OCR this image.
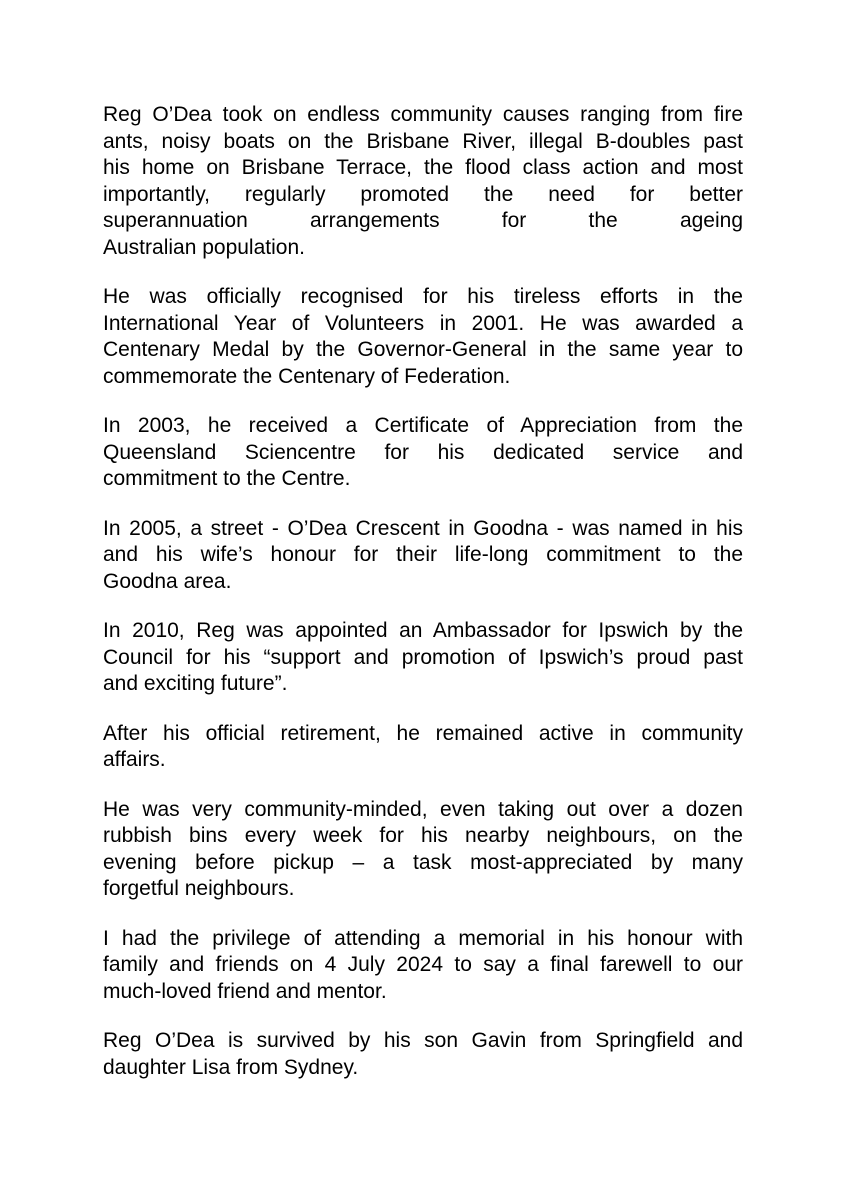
Reg O’Dea took on endless community causes ranging from fire
ants, noisy boats on the Brisbane River, illegal B-doubles past
his home on Brisbane Terrace, the flood class action and most
importantly, regularly promoted the need for better
superannuation arrangements for the ageing
Australian population.
He was officially recognised for his tireless efforts in the
International Year of Volunteers in 2001. He was awarded a
Centenary Medal by the Governor-General in the same year to
commemorate the Centenary of Federation.
In 2003, he received a Certificate of Appreciation from the
Queensland Sciencentre for his dedicated service and
commitment to the Centre.
In 2005, a street - O’Dea Crescent in Goodna - was named in his
and his wife’s honour for their life-long commitment to the
Goodna area.
In 2010, Reg was appointed an Ambassador for Ipswich by the
Council for his “support and promotion of Ipswich’s proud past
and exciting future”.
After his official retirement, he remained active in community
affairs.
He was very community-minded, even taking out over a dozen
rubbish bins every week for his nearby neighbours, on the
evening before pickup – a task most-appreciated by many
forgetful neighbours.
I had the privilege of attending a memorial in his honour with
family and friends on 4 July 2024 to say a final farewell to our
much-loved friend and mentor.
Reg O’Dea is survived by his son Gavin from Springfield and
daughter Lisa from Sydney.
